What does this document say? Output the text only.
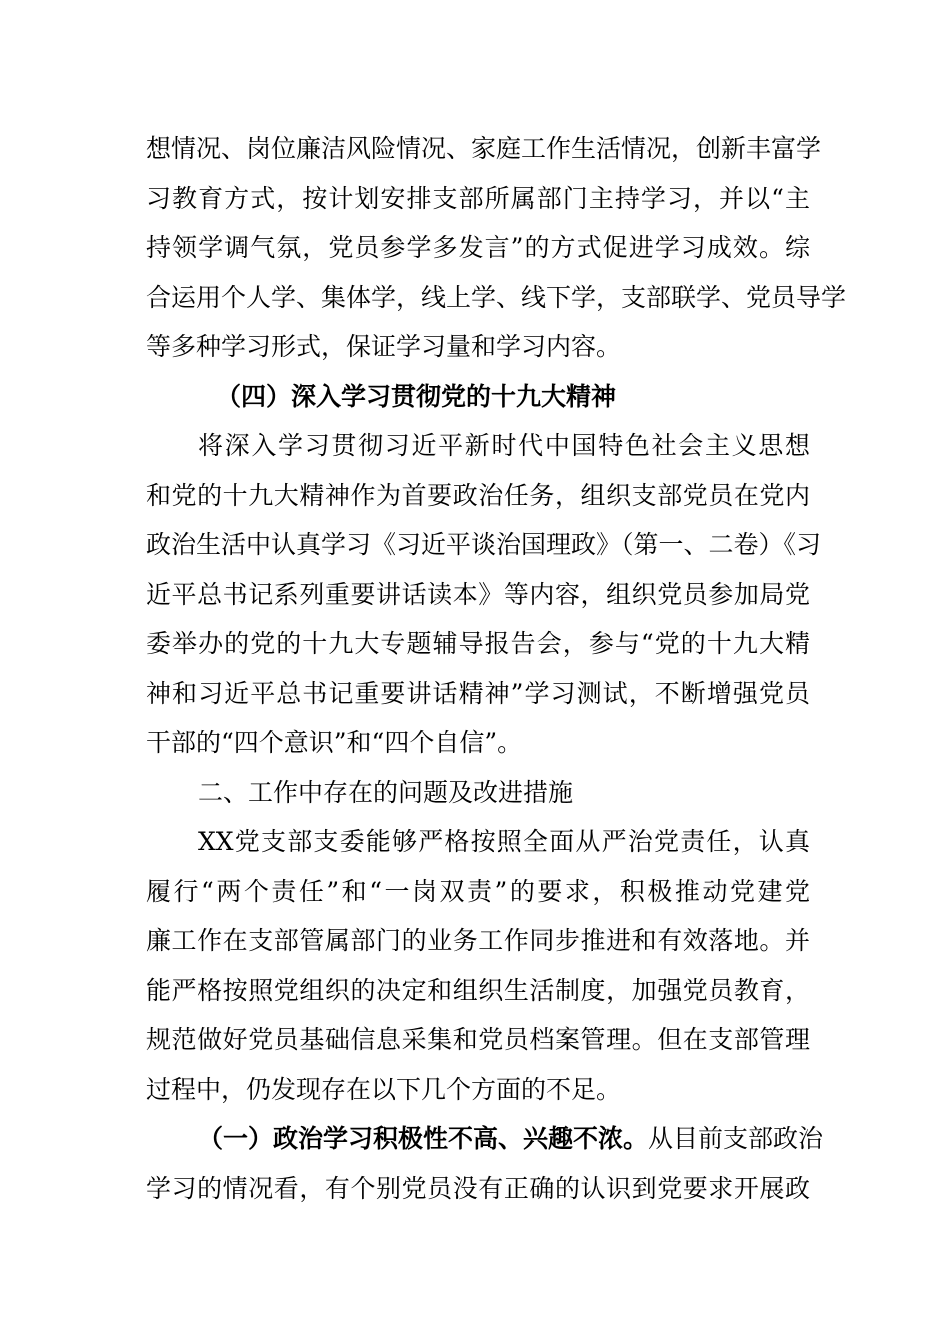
想情况、岗位廉洁风险情况、家庭工作生活情况，创新丰富学
习教育方式，按计划安排支部所属部门主持学习，并以“主
持领学调气氛，党员参学多发言”的方式促进学习成效。综
合运用个人学、集体学，线上学、线下学，支部联学、党员导学
等多种学习形式，保证学习量和学习内容。
（四）深入学习贯彻党的十九大精神
将深入学习贯彻习近平新时代中国特色社会主义思想
和党的十九大精神作为首要政治任务，组织支部党员在党内
政治生活中认真学习《习近平谈治国理政》（第一、二卷）《习
近平总书记系列重要讲话读本》等内容，组织党员参加局党
委举办的党的十九大专题辅导报告会，参与“党的十九大精
神和习近平总书记重要讲话精神”学习测试，不断增强党员
干部的“四个意识”和“四个自信”。
二、工作中存在的问题及改进措施
XX党支部支委能够严格按照全面从严治党责任，认真
履行“两个责任”和“一岗双责”的要求，积极推动党建党
廉工作在支部管属部门的业务工作同步推进和有效落地。并
能严格按照党组织的决定和组织生活制度，加强党员教育，
规范做好党员基础信息采集和党员档案管理。但在支部管理
过程中，仍发现存在以下几个方面的不足。
（一）政治学习积极性不高、兴趣不浓。从目前支部政治
学习的情况看，有个别党员没有正确的认识到党要求开展政
